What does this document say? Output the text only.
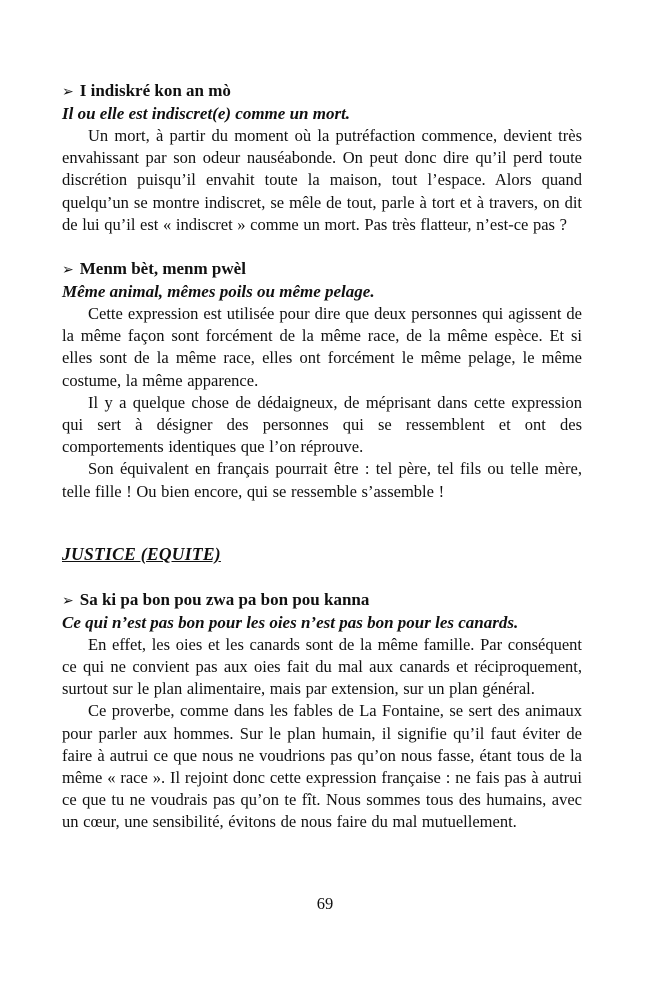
➢ I indiskré kon an mò

Il ou elle est indiscret(e) comme un mort.

Un mort, à partir du moment où la putréfaction commence, devient très envahissant par son odeur nauséabonde. On peut donc dire qu’il perd toute discrétion puisqu’il envahit toute la maison, tout l’espace. Alors quand quelqu’un se montre indiscret, se mêle de tout, parle à tort et à travers, on dit de lui qu’il est « indiscret » comme un mort. Pas très flatteur, n’est-ce pas ?

➢ Menm bèt, menm pwèl

Même animal, mêmes poils ou même pelage.

Cette expression est utilisée pour dire que deux personnes qui agissent de la même façon sont forcément de la même race, de la même espèce. Et si elles sont de la même race, elles ont forcément le même pelage, le même costume, la même apparence.

Il y a quelque chose de dédaigneux, de méprisant dans cette expression qui sert à désigner des personnes qui se ressemblent et ont des comportements identiques que l’on réprouve.

Son équivalent en français pourrait être : tel père, tel fils ou telle mère, telle fille ! Ou bien encore, qui se ressemble s’assemble !

JUSTICE (EQUITE)
➢ Sa ki pa bon pou zwa pa bon pou kanna

Ce qui n’est pas bon pour les oies n’est pas bon pour les canards.

En effet, les oies et les canards sont de la même famille. Par conséquent ce qui ne convient pas aux oies fait du mal aux canards et réciproquement, surtout sur le plan alimentaire, mais par extension, sur un plan général.

Ce proverbe, comme dans les fables de La Fontaine, se sert des animaux pour parler aux hommes. Sur le plan humain, il signifie qu’il faut éviter de faire à autrui ce que nous ne voudrions pas qu’on nous fasse, étant tous de la même « race ». Il rejoint donc cette expression française : ne fais pas à autrui ce que tu ne voudrais pas qu’on te fît. Nous sommes tous des humains, avec un cœur, une sensibilité, évitons de nous faire du mal mutuellement.

69
